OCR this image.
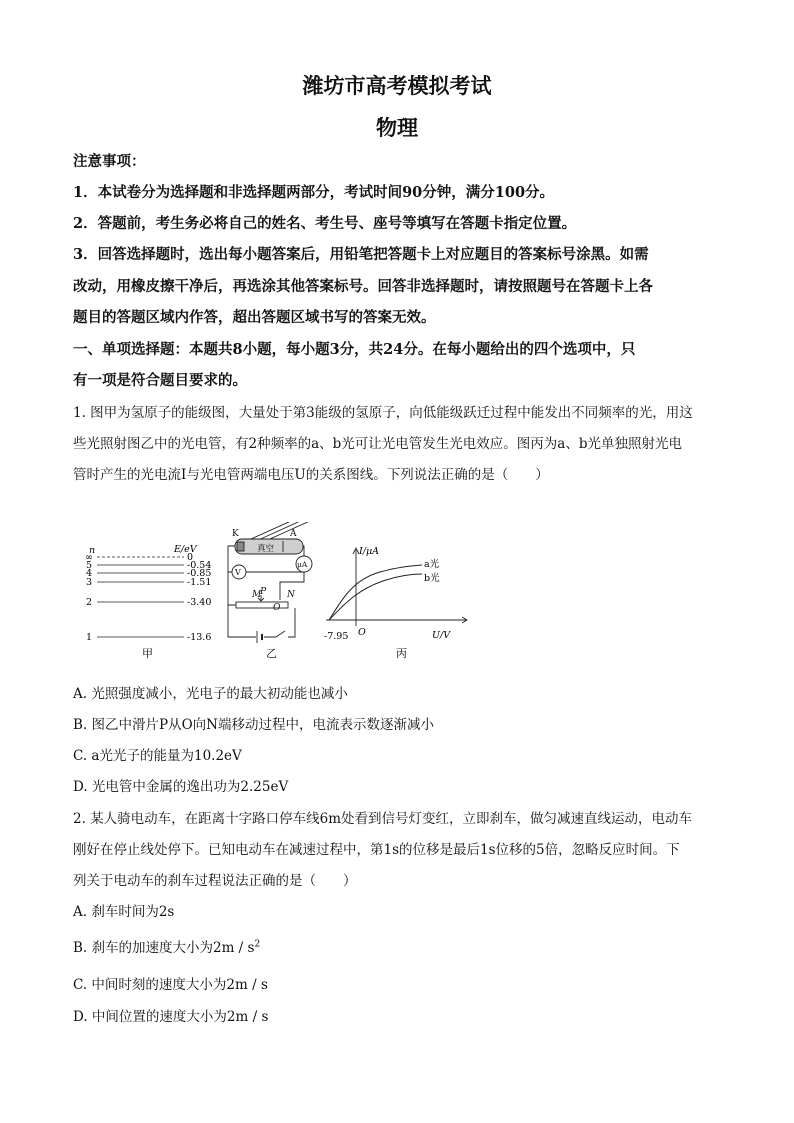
潍坊市高考模拟考试
物理
注意事项：
1．本试卷分为选择题和非选择题两部分，考试时间90分钟，满分100分。
2．答题前，考生务必将自己的姓名、考生号、座号等填写在答题卡指定位置。
3．回答选择题时，选出每小题答案后，用铅笔把答题卡上对应题目的答案标号涂黑。如需
改动，用橡皮擦干净后，再选涂其他答案标号。回答非选择题时，请按照题号在答题卡上各
题目的答题区域内作答，超出答题区域书写的答案无效。
一、单项选择题：本题共8小题，每小题3分，共24分。在每小题给出的四个选项中，只
有一项是符合题目要求的。
1. 图甲为氢原子的能级图，大量处于第3能级的氢原子，向低能级跃迁过程中能发出不同频率的光，用这
些光照射图乙中的光电管，有2种频率的a、b光可让光电管发生光电效应。图丙为a、b光单独照射光电
管时产生的光电流I与光电管两端电压U的关系图线。下列说法正确的是（　　）
n	E/eV
∞
5
4
3
2
1
0
-0.54
-0.85
-1.51
-3.40
-13.6
甲
K	A
真空
V
μA
M
P N
O
乙
I/μA
U/V
O
-7.95
a光
b光
丙
A. 光照强度减小，光电子的最大初动能也减小
B. 图乙中滑片P从O向N端移动过程中，电流表示数逐渐减小
C. a光光子的能量为10.2eV
D. 光电管中金属的逸出功为2.25eV
2. 某人骑电动车，在距离十字路口停车线6m处看到信号灯变红，立即刹车，做匀减速直线运动，电动车
刚好在停止线处停下。已知电动车在减速过程中，第1s的位移是最后1s位移的5倍，忽略反应时间。下
列关于电动车的刹车过程说法正确的是（　　）
A. 刹车时间为2s
B. 刹车的加速度大小为$2m / s^2$
C. 中间时刻的速度大小为2m / s
D. 中间位置的速度大小为2m / s
